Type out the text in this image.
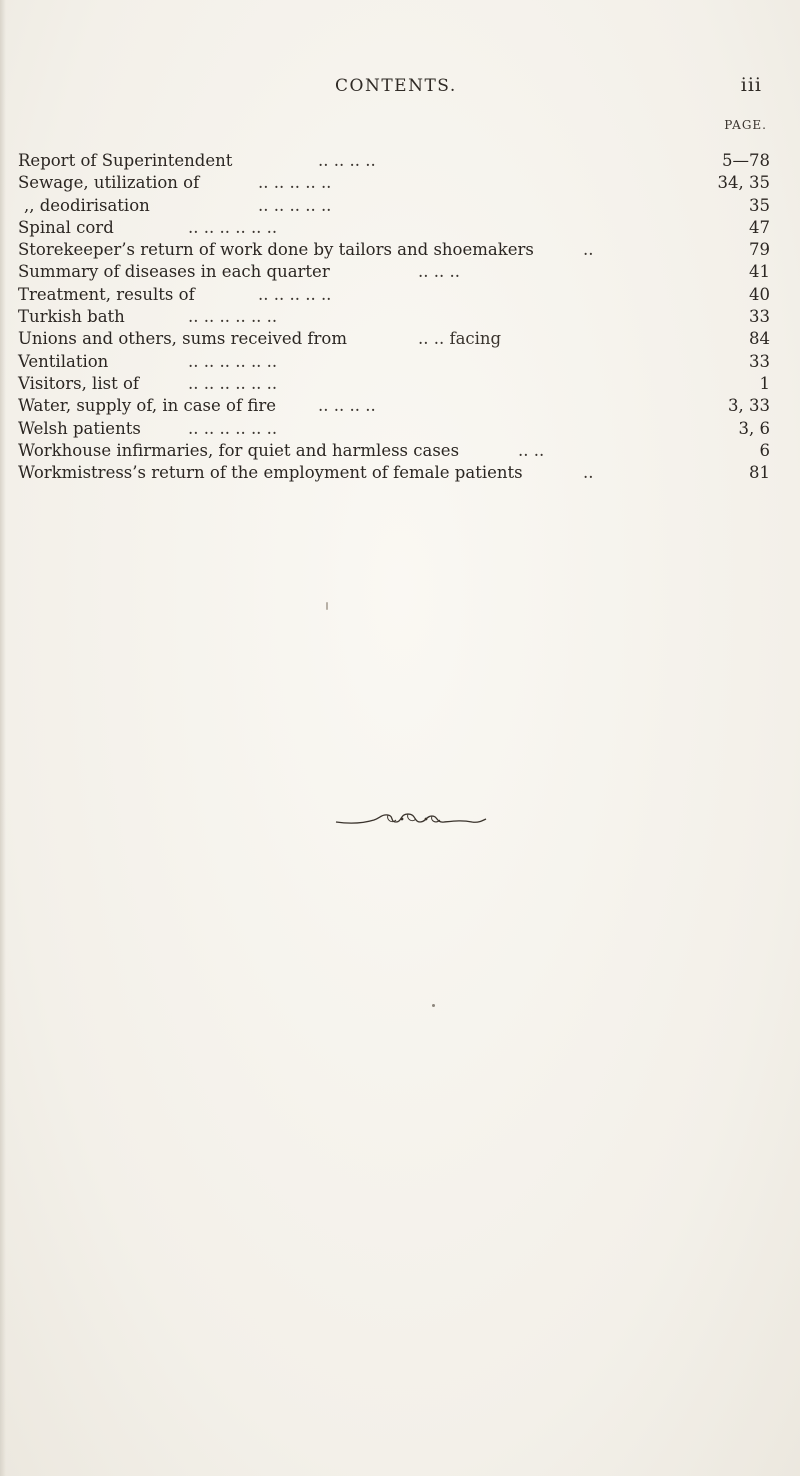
CONTENTS.	iii
PAGE.
Report of Superintendent	.. .. .. ..	5—78
Sewage, utilization of	.. .. .. .. ..	34, 35
,, deodirisation	.. .. .. .. ..	35
Spinal cord	.. .. .. .. .. ..	47
Storekeeper’s return of work done by tailors and shoemakers	..	79
Summary of diseases in each quarter	.. .. ..	41
Treatment, results of	.. .. .. .. ..	40
Turkish bath	.. .. .. .. .. ..	33
Unions and others, sums received from	.. .. facing	84
Ventilation	.. .. .. .. .. ..	33
Visitors, list of	.. .. .. .. .. ..	1
Water, supply of, in case of fire	.. .. .. ..	3, 33
Welsh patients	.. .. .. .. .. ..	3, 6
Workhouse infirmaries, for quiet and harmless cases	.. ..	6
Workmistress’s return of the employment of female patients	..	81
